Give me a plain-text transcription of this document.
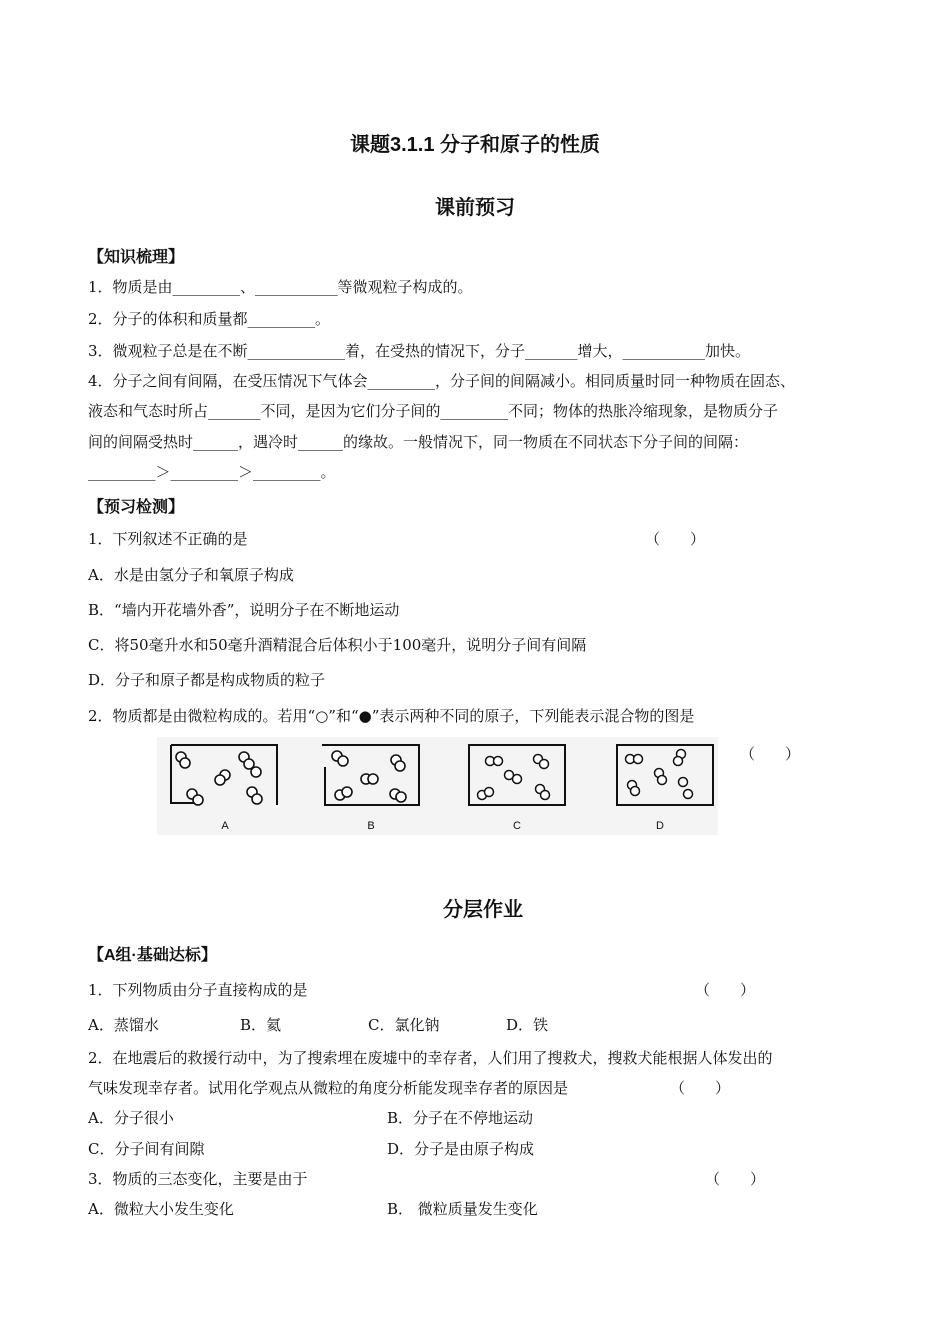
课题3.1.1 分子和原子的性质
课前预习
【知识梳理】
1．物质是由_________、___________等微观粒子构成的。
2．分子的体积和质量都_________。
3．微观粒子总是在不断_____________着，在受热的情况下，分子_______增大，___________加快。
4．分子之间有间隔，在受压情况下气体会_________，分子间的间隔减小。相同质量时同一种物质在固态、
液态和气态时所占_______不同，是因为它们分子间的_________不同；物体的热胀冷缩现象，是物质分子
间的间隔受热时______，遇冷时______的缘故。一般情况下，同一物质在不同状态下分子间的间隔：
_________＞_________＞_________。
【预习检测】
1．下列叙述不正确的是	（　　）
A．水是由氢分子和氧原子构成
B．“墙内开花墙外香”，说明分子在不断地运动
C．将50毫升水和50毫升酒精混合后体积小于100毫升，说明分子间有间隔
D．分子和原子都是构成物质的粒子
2．物质都是由微粒构成的。若用“○”和“●”表示两种不同的原子，下列能表示混合物的图是
（　　）
A	B	C	D
分层作业
【A组·基础达标】
1．下列物质由分子直接构成的是	（　　）
A．蒸馏水	B．氦	C．氯化钠	D．铁
2．在地震后的救援行动中，为了搜索埋在废墟中的幸存者，人们用了搜救犬，搜救犬能根据人体发出的
气味发现幸存者。试用化学观点从微粒的角度分析能发现幸存者的原因是	（　　）
A．分子很小	B．分子在不停地运动
C．分子间有间隙	D．分子是由原子构成
3．物质的三态变化，主要是由于	（　　）
A．微粒大小发生变化	B． 微粒质量发生变化
